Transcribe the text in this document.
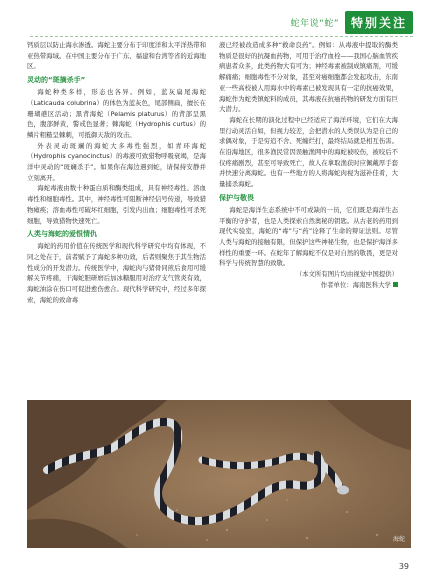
蛇年说“蛇”	特别关注

钙质层以防止海水渗透。海蛇主要分布于印度洋和太平洋热带和亚热带海域。在中国主要分布于广东、福建和台湾等省的近海地区。

灵动的“斑摘杀手”

海蛇种类多样，形态也各异。例如，蓝灰扁尾海蛇（Laticauda colubrina）的体色为蓝灰色，尾部侧扁，擅长在珊瑚礁区活动；黑背海蛇（Pelamis platurus）的背部呈黑色，腹部鲜黄，警戒色显著；棘海蛇（Hydrophis curtus）的鳞片粗糙呈棘刺，可抵御天敌的攻击。

外表灵动斑斓的海蛇大多毒性强烈，如青环海蛇（Hydrophis cyanocinctus）的毒液可致猎物呼吸衰竭，是海洋中灵动的“斑斓杀手”。如果你在海边遇到蛇，请保持安静并立刻离开。

海蛇毒液由数十种蛋白质和酶类组成，具有神经毒性、溶血毒性和细胞毒性。其中，神经毒性可阻断神经信号传递，导致猎物瘫痪；溶血毒性可破坏红细胞，引发内出血；细胞毒性可杀死细胞，导致猎物快速死亡。

人类与海蛇的爱恨情仇

海蛇的药用价值在传统医学和现代科学研究中均有体现，不同之处在于，前者赋予了海蛇多种功效，后者则聚焦于其生物活性成分的开发潜力。传统医学中，海蛇肉与猪骨同煎后食用可缓解关节疼痛，干海蛇胆研磨后加冰糖服用对治疗支气管炎有效，海蛇油涂在伤口可促进愈伤愈合。现代科学研究中，经过多年探索，海蛇的致命毒

液已经被改造成多种“救命良药”。例如：从毒液中提取的酶类物质是很好的抗凝血药物，可用于治疗血栓——我国心脑血管疾病患者众多，此类药物大有可为；神经毒素被制成镇痛剂，可缓解痛痛；细胞毒性不分对象，甚至对癌细胞都会发起攻击，东南亚一些高校被人用海水中的毒素已被发现具有一定的抗癌效果，海蛇作为蛇类镇蛇料的成员，其毒液在抗癌药物的研发方面有巨大潜力。

海蛇在长期的演化过程中已经适应了海洋环境，它们在大海里行动灵活自如，但视力较差，会把潜水的人类误认为是自己的求偶对象，于是穷追不舍、死缠烂打，最终结局就是相互伤害。在沿海地区，很多渔民常因误触渔网中的海蛇被咬伤，被咬后不仅疼痛剧烈，甚至可导致死亡，故人在拿取渔获时应佩戴厚手套并快速分离海蛇。也有一些地方的人将海蛇肉视为滋补佳肴，大量捕杀海蛇。

保护与敬畏

海蛇是海洋生态系统中不可或缺的一员，它们既是海洋生态平衡的守护者，也是人类探索自然奥秘的钥匙。从古老的药用到现代实验室，海蛇的“毒”与“药”诠释了生命的辩证法则。尽管人类与海蛇的接触有限，但保护这些神秘生物，也是保护海洋多样性的重要一环。在蛇年了解海蛇不仅是对自然的敬畏，更是对科学与传统智慧的致敬。

（本文所有图片均由视觉中国提供）

作者单位：海南医科大学

海蛇
39
